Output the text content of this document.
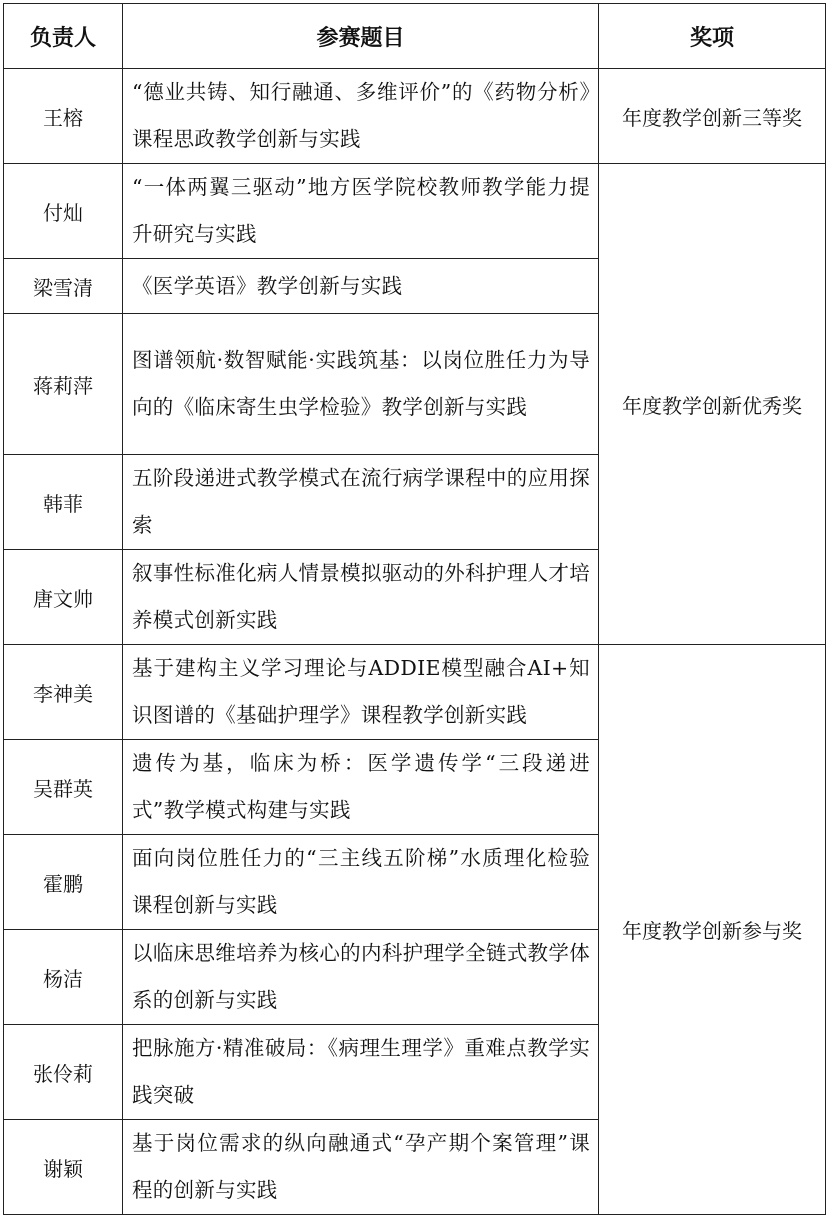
负责人	参赛题目	奖项
王榕	“德业共铸、知行融通、多维评价”的《药物分析》课程思政教学创新与实践	年度教学创新三等奖
付灿	“一体两翼三驱动”地方医学院校教师教学能力提升研究与实践	年度教学创新优秀奖
梁雪清	《医学英语》教学创新与实践	
蒋莉萍	图谱领航·数智赋能·实践筑基：以岗位胜任力为导向的《临床寄生虫学检验》教学创新与实践	
韩菲	五阶段递进式教学模式在流行病学课程中的应用探索	
唐文帅	叙事性标准化病人情景模拟驱动的外科护理人才培养模式创新实践	
李神美	基于建构主义学习理论与ADDIE模型融合AI+知识图谱的《基础护理学》课程教学创新实践	年度教学创新参与奖
吴群英	遗传为基，临床为桥：医学遗传学“三段递进式”教学模式构建与实践	
霍鹏	面向岗位胜任力的“三主线五阶梯”水质理化检验课程创新与实践	
杨洁	以临床思维培养为核心的内科护理学全链式教学体系的创新与实践	
张伶莉	把脉施方·精准破局：《病理生理学》重难点教学实践突破	
谢颖	基于岗位需求的纵向融通式“孕产期个案管理”课程的创新与实践	
